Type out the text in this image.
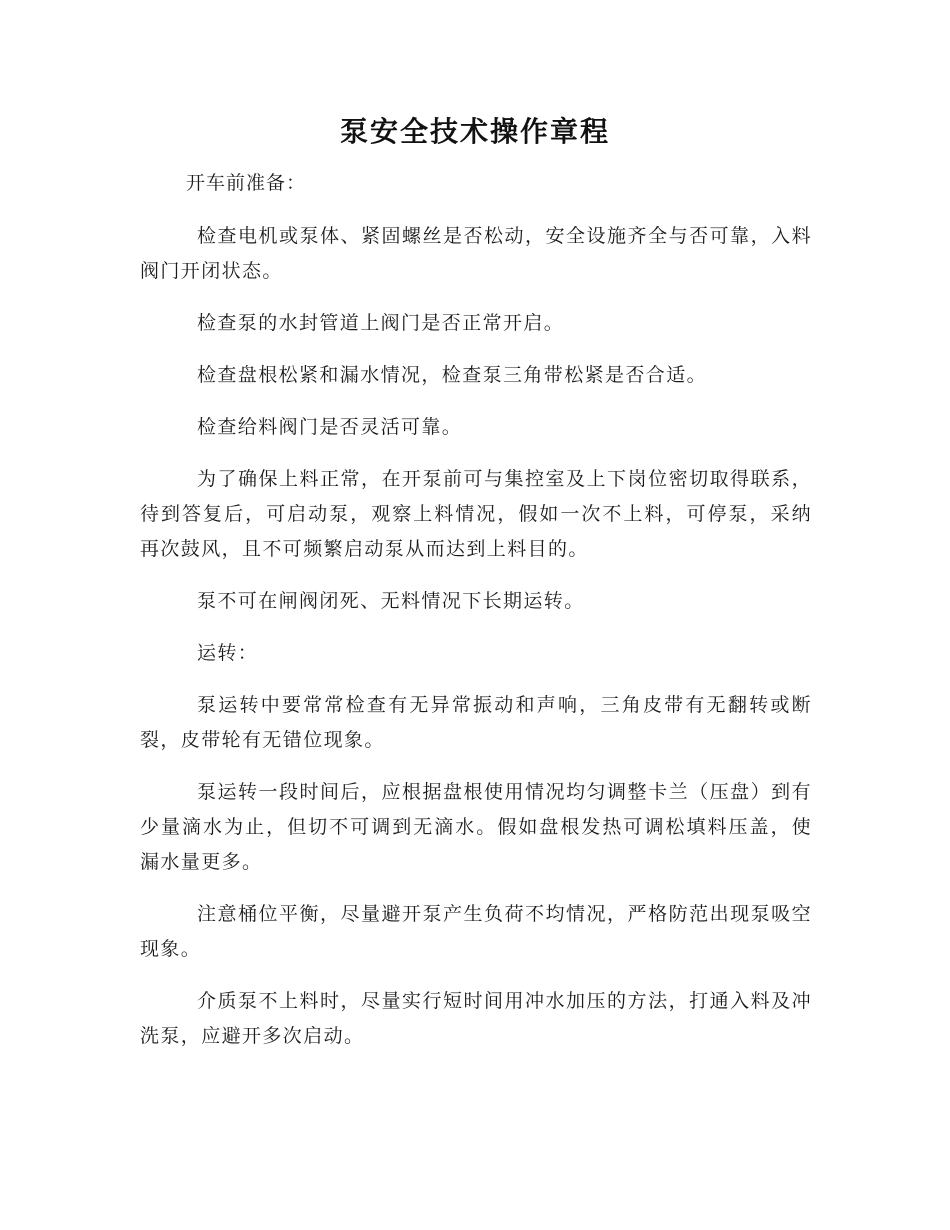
泵安全技术操作章程
开车前准备：

检查电机或泵体、紧固螺丝是否松动，安全设施齐全与否可靠，入料阀门开闭状态。

检查泵的水封管道上阀门是否正常开启。

检查盘根松紧和漏水情况，检查泵三角带松紧是否合适。

检查给料阀门是否灵活可靠。

为了确保上料正常，在开泵前可与集控室及上下岗位密切取得联系，待到答复后，可启动泵，观察上料情况，假如一次不上料，可停泵，采纳再次鼓风，且不可频繁启动泵从而达到上料目的。

泵不可在闸阀闭死、无料情况下长期运转。

运转：

泵运转中要常常检查有无异常振动和声响，三角皮带有无翻转或断裂，皮带轮有无错位现象。

泵运转一段时间后，应根据盘根使用情况均匀调整卡兰（压盘）到有少量滴水为止，但切不可调到无滴水。假如盘根发热可调松填料压盖，使漏水量更多。

注意桶位平衡，尽量避开泵产生负荷不均情况，严格防范出现泵吸空现象。

介质泵不上料时，尽量实行短时间用冲水加压的方法，打通入料及冲洗泵，应避开多次启动。
